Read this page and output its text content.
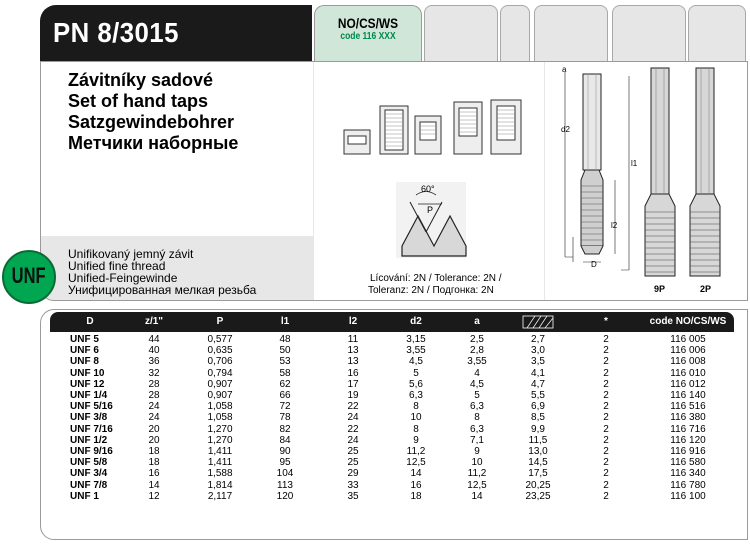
PN 8/3015	NO/CS/WS
code 116 XXX
Závitníky sadové
Set of hand taps
Satzgewindebohrer
Метчики наборные
Unifikovaný jemný závit
Unified fine thread
Unified-Feingewinde
Унифицированная мелкая резьба
UNF
60°
P
Lícování: 2N / Tolerance: 2N /
Toleranz: 2N / Подгонка: 2N
a
d2
l1
l2
D
9P	2P
D	z/1"	P	l1	l2	d2	a	*	code NO/CS/WS
UNF 5	44	0,577	48	11	3,15	2,5	2,7	2	116 005
UNF 6	40	0,635	50	13	3,55	2,8	3,0	2	116 006
UNF 8	36	0,706	53	13	4,5	3,55	3,5	2	116 008
UNF 10	32	0,794	58	16	5	4	4,1	2	116 010
UNF 12	28	0,907	62	17	5,6	4,5	4,7	2	116 012
UNF 1/4	28	0,907	66	19	6,3	5	5,5	2	116 140
UNF 5/16	24	1,058	72	22	8	6,3	6,9	2	116 516
UNF 3/8	24	1,058	78	24	10	8	8,5	2	116 380
UNF 7/16	20	1,270	82	22	8	6,3	9,9	2	116 716
UNF 1/2	20	1,270	84	24	9	7,1	11,5	2	116 120
UNF 9/16	18	1,411	90	25	11,2	9	13,0	2	116 916
UNF 5/8	18	1,411	95	25	12,5	10	14,5	2	116 580
UNF 3/4	16	1,588	104	29	14	11,2	17,5	2	116 340
UNF 7/8	14	1,814	113	33	16	12,5	20,25	2	116 780
UNF 1	12	2,117	120	35	18	14	23,25	2	116 100
